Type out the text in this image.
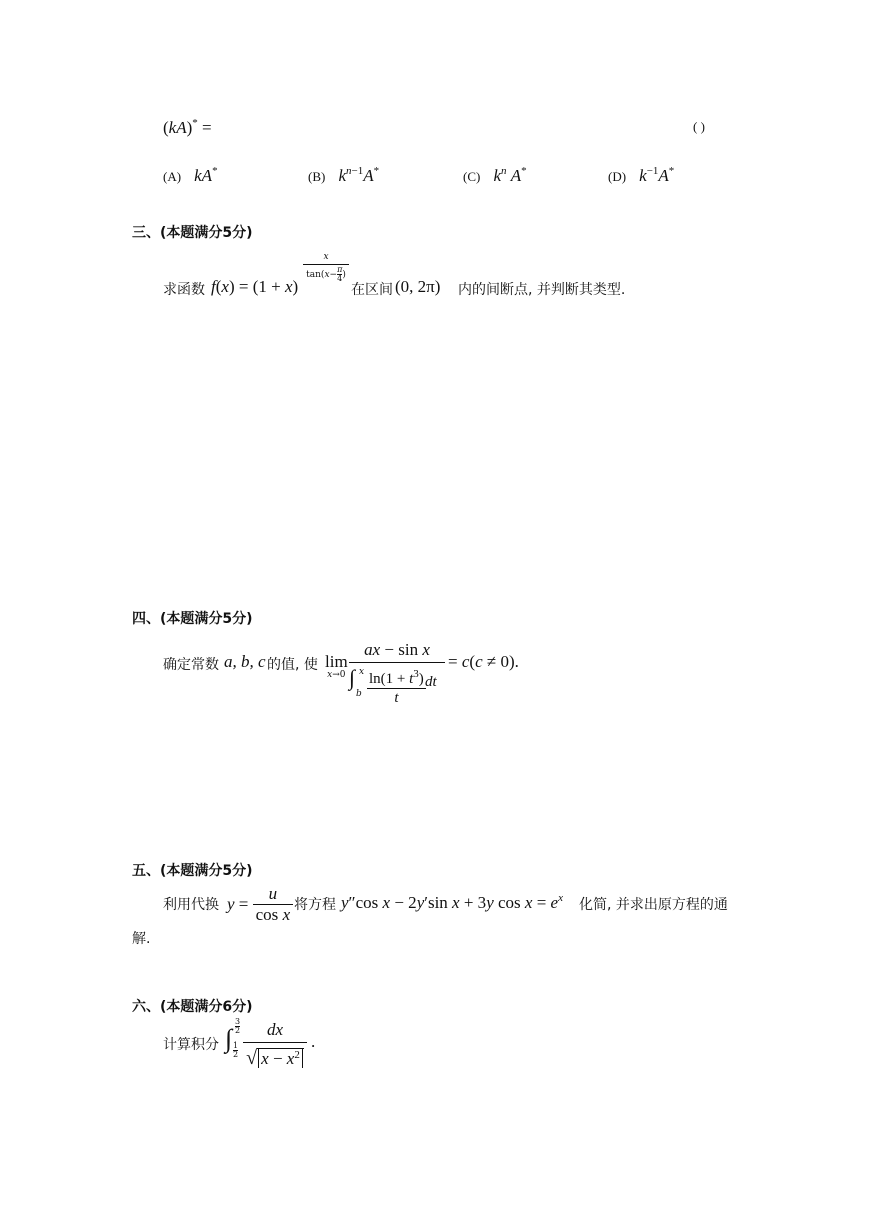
(kA)* =	( )
(A) kA*	(B) $k^{n-1}A^*$	(C) $k^n$ A*	(D) $k^{-1}A^*$
三、(本题满分5分)
求函数 f(x) = (1 + x)
x
$\tan(x- \frac{\pi}{4}$ )
在区间 (0, 2π) 内的间断点, 并判断其类型.
四、(本题满分5分)
确定常数 a, b, c 的值, 使 lim
x→0
ax − sin x
∫ x
b
$\ln(1 + t^3)$
t
dt
= c(c ≠ 0).
五、(本题满分5分)
利用代换 $y = \frac{u}{\text{cos x}}$ 将方程 y″cos x − 2y′sin x + 3y $\cos x = e^x$ 化简, 并求出原方程的通
解.
六、(本题满分6分)
计算积分 ∫
3
2
1
2
dx
√ $x - x^2$
.
